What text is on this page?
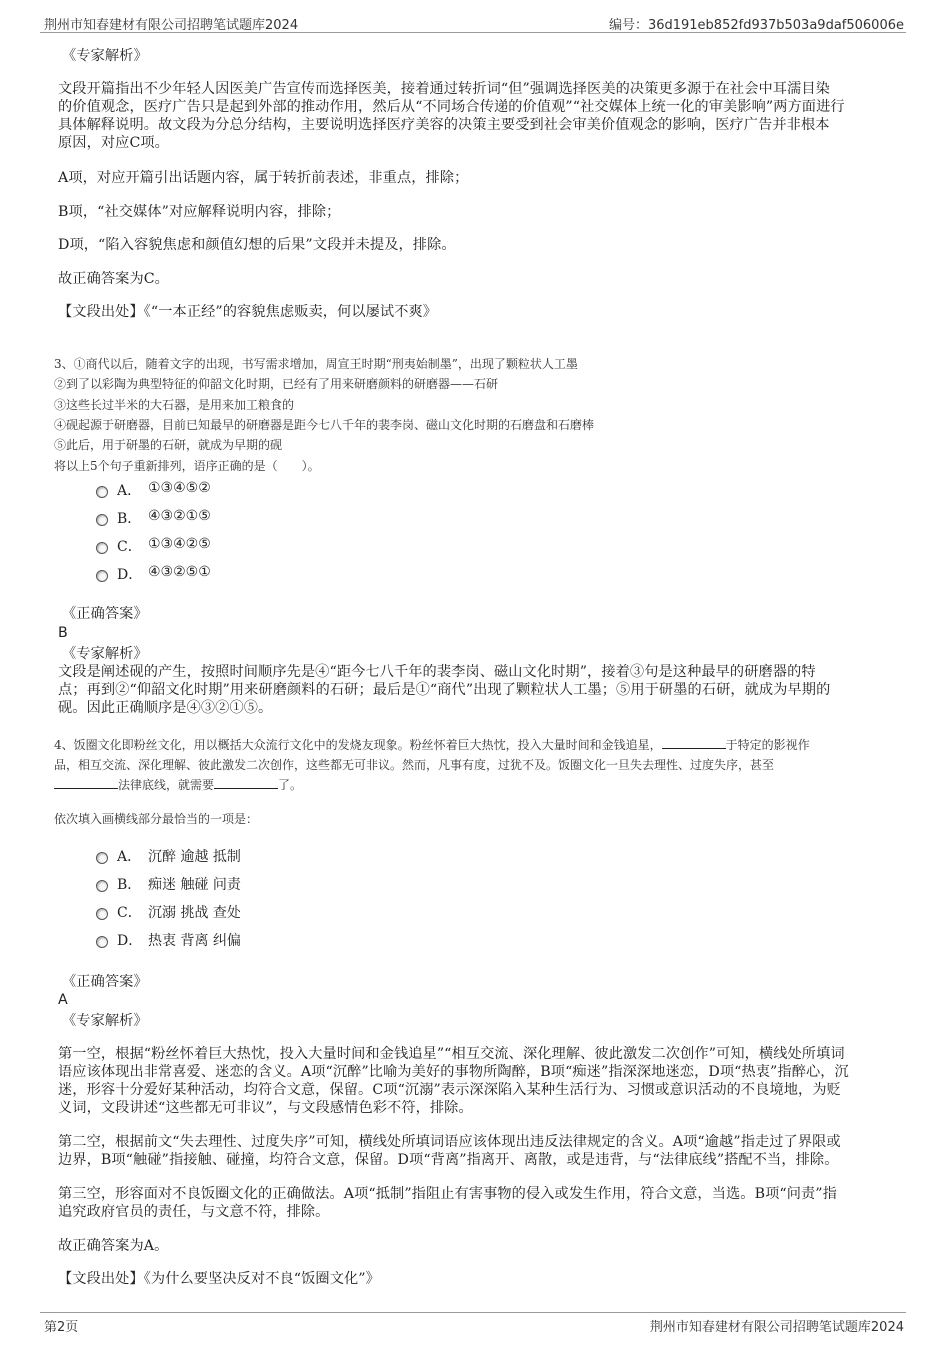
荆州市知春建材有限公司招聘笔试题库2024	编号：36d191eb852fd937b503a9daf506006e
《专家解析》
文段开篇指出不少年轻人因医美广告宣传而选择医美，接着通过转折词“但”强调选择医美的决策更多源于在社会中耳濡目染
的价值观念，医疗广告只是起到外部的推动作用，然后从“不同场合传递的价值观”“社交媒体上统一化的审美影响”两方面进行
具体解释说明。故文段为分总分结构，主要说明选择医疗美容的决策主要受到社会审美价值观念的影响，医疗广告并非根本
原因，对应C项。
A项，对应开篇引出话题内容，属于转折前表述，非重点，排除；
B项，“社交媒体”对应解释说明内容，排除；
D项，“陷入容貌焦虑和颜值幻想的后果”文段并未提及，排除。
故正确答案为C。
【文段出处】《“一本正经”的容貌焦虑贩卖，何以屡试不爽》
3、①商代以后，随着文字的出现，书写需求增加，周宣王时期“刑夷始制墨”，出现了颗粒状人工墨
②到了以彩陶为典型特征的仰韶文化时期，已经有了用来研磨颜料的研磨器——石研
③这些长过半米的大石器，是用来加工粮食的
④砚起源于研磨器，目前已知最早的研磨器是距今七八千年的裴李岗、磁山文化时期的石磨盘和石磨棒
⑤此后，用于研墨的石研，就成为早期的砚
将以上5个句子重新排列，语序正确的是（　　）。
A． ①③④⑤②
B． ④③②①⑤
C． ①③④②⑤
D． ④③②⑤①
《正确答案》
B
《专家解析》
文段是阐述砚的产生，按照时间顺序先是④“距今七八千年的裴李岗、磁山文化时期”，接着③句是这种最早的研磨器的特
点；再到②“仰韶文化时期”用来研磨颜料的石研；最后是①“商代”出现了颗粒状人工墨；⑤用于研墨的石研，就成为早期的
砚。因此正确顺序是④③②①⑤。
4、饭圈文化即粉丝文化，用以概括大众流行文化中的发烧友现象。粉丝怀着巨大热忱，投入大量时间和金钱追星，	于特定的影视作
品，相互交流、深化理解、彼此激发二次创作，这些都无可非议。然而，凡事有度，过犹不及。饭圈文化一旦失去理性、过度失序，甚至
法律底线，就需要	了。
依次填入画横线部分最恰当的一项是：
A． 沉醉 逾越 抵制
B． 痴迷 触碰 问责
C． 沉溺 挑战 查处
D． 热衷 背离 纠偏
《正确答案》
A
《专家解析》
第一空，根据“粉丝怀着巨大热忱，投入大量时间和金钱追星”“相互交流、深化理解、彼此激发二次创作”可知，横线处所填词
语应该体现出非常喜爱、迷恋的含义。A项“沉醉”比喻为美好的事物所陶醉，B项“痴迷”指深深地迷恋，D项“热衷”指醉心，沉
迷，形容十分爱好某种活动，均符合文意，保留。C项“沉溺”表示深深陷入某种生活行为、习惯或意识活动的不良境地，为贬
义词，文段讲述“这些都无可非议”，与文段感情色彩不符，排除。
第二空，根据前文“失去理性、过度失序”可知，横线处所填词语应该体现出违反法律规定的含义。A项“逾越”指走过了界限或
边界，B项“触碰”指接触、碰撞，均符合文意，保留。D项“背离”指离开、离散，或是违背，与“法律底线”搭配不当，排除。
第三空，形容面对不良饭圈文化的正确做法。A项“抵制”指阻止有害事物的侵入或发生作用，符合文意，当选。B项“问责”指
追究政府官员的责任，与文意不符，排除。
故正确答案为A。
【文段出处】《为什么要坚决反对不良“饭圈文化”》
第2页	荆州市知春建材有限公司招聘笔试题库2024
